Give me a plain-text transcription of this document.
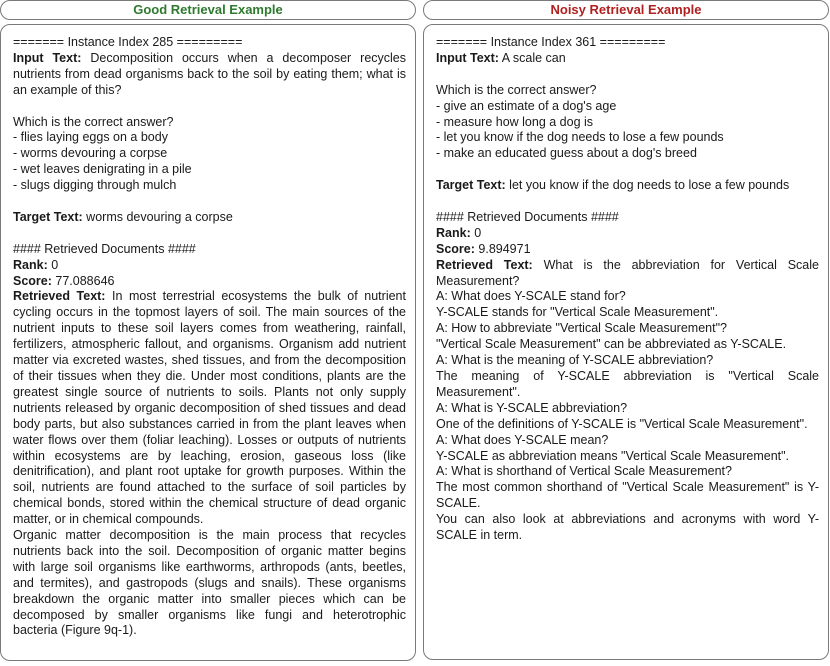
Good Retrieval Example
======= Instance Index 285 =========
Input Text: Decomposition occurs when a decomposer recycles nutrients from dead organisms back to the soil by eating them; what is an example of this?
Which is the correct answer?
- flies laying eggs on a body
- worms devouring a corpse
- wet leaves denigrating in a pile
- slugs digging through mulch
Target Text: worms devouring a corpse
#### Retrieved Documents ####
Rank: 0
Score: 77.088646
Retrieved Text: In most terrestrial ecosystems the bulk of nutrient cycling occurs in the topmost layers of soil. The main sources of the nutrient inputs to these soil layers comes from weathering, rainfall, fertilizers, atmospheric fallout, and organisms. Organism add nutrient matter via excreted wastes, shed tissues, and from the decomposition of their tissues when they die. Under most conditions, plants are the greatest single source of nutrients to soils. Plants not only supply nutrients released by organic decomposition of shed tissues and dead body parts, but also substances carried in from the plant leaves when water flows over them (foliar leaching). Losses or outputs of nutrients within ecosystems are by leaching, erosion, gaseous loss (like denitrification), and plant root uptake for growth purposes. Within the soil, nutrients are found attached to the surface of soil particles by chemical bonds, stored within the chemical structure of dead organic matter, or in chemical compounds.
Organic matter decomposition is the main process that recycles nutrients back into the soil. Decomposition of organic matter begins with large soil organisms like earthworms, arthropods (ants, beetles, and termites), and gastropods (slugs and snails). These organisms breakdown the organic matter into smaller pieces which can be decomposed by smaller organisms like fungi and heterotrophic bacteria (Figure 9q-1).
Noisy Retrieval Example
======= Instance Index 361 =========
Input Text: A scale can
Which is the correct answer?
- give an estimate of a dog's age
- measure how long a dog is
- let you know if the dog needs to lose a few pounds
- make an educated guess about a dog's breed
Target Text: let you know if the dog needs to lose a few pounds
#### Retrieved Documents ####
Rank: 0
Score: 9.894971
Retrieved Text: What is the abbreviation for Vertical Scale Measurement?
A: What does Y-SCALE stand for?
Y-SCALE stands for "Vertical Scale Measurement".
A: How to abbreviate "Vertical Scale Measurement"?
"Vertical Scale Measurement" can be abbreviated as Y-SCALE.
A: What is the meaning of Y-SCALE abbreviation?
The meaning of Y-SCALE abbreviation is "Vertical Scale Measurement".
A: What is Y-SCALE abbreviation?
One of the definitions of Y-SCALE is "Vertical Scale Measurement".
A: What does Y-SCALE mean?
Y-SCALE as abbreviation means "Vertical Scale Measurement".
A: What is shorthand of Vertical Scale Measurement?
The most common shorthand of "Vertical Scale Measurement" is Y-SCALE.
You can also look at abbreviations and acronyms with word Y-SCALE in term.
